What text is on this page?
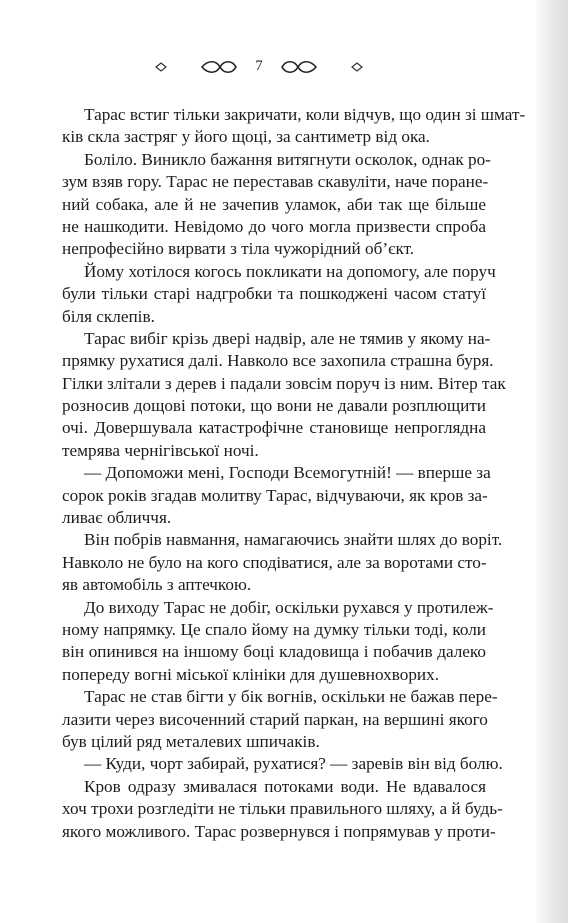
7
Тарас встиг тільки закричати, коли відчув, що один зі шмат-
ків скла застряг у його щоці, за сантиметр від ока.
Боліло. Виникло бажання витягнути осколок, однак ро-
зум взяв гору. Тарас не переставав скавуліти, наче поранe-
ний собака, але й не зачепив уламок, аби так ще більше
не нашкодити. Невідомо до чого могла призвести спроба
непрофесійно вирвати з тіла чужорідний об’єкт.
Йому хотілося когось покликати на допомогу, але поруч
були тільки старі надгробки та пошкоджені часом статуї
біля склепів.
Тарас вибіг крізь двері надвір, але не тямив у якому на-
прямку рухатися далі. Навколо все захопила страшна буря.
Гілки злітали з дерев і падали зовсім поруч із ним. Вітер так
розносив дощові потоки, що вони не давали розплющити
очі. Довершувала катастрофічне становище непроглядна
темрява чернігівської ночі.
— Допоможи мені, Господи Всемогутній! — вперше за
сорок років згадав молитву Тарас, відчуваючи, як кров за-
ливає обличчя.
Він побрів навмання, намагаючись знайти шлях до воріт.
Навколо не було на кого сподіватися, але за воротами сто-
яв автомобіль з аптечкою.
До виходу Тарас не добіг, оскільки рухався у протилеж-
ному напрямку. Це спало йому на думку тільки тоді, коли
він опинився на іншому боці кладовища і побачив далеко
попереду вогні міської клініки для душевнохворих.
Тарас не став бігти у бік вогнів, оскільки не бажав пере-
лазити через височенний старий паркан, на вершині якого
був цілий ряд металевих шпичаків.
— Куди, чорт забирай, рухатися? — заревів він від болю.
Кров одразу змивалася потоками води. Не вдавалося
хоч трохи розгледіти не тільки правильного шляху, а й будь-
якого можливого. Тарас розвернувся і попрямував у проти-
